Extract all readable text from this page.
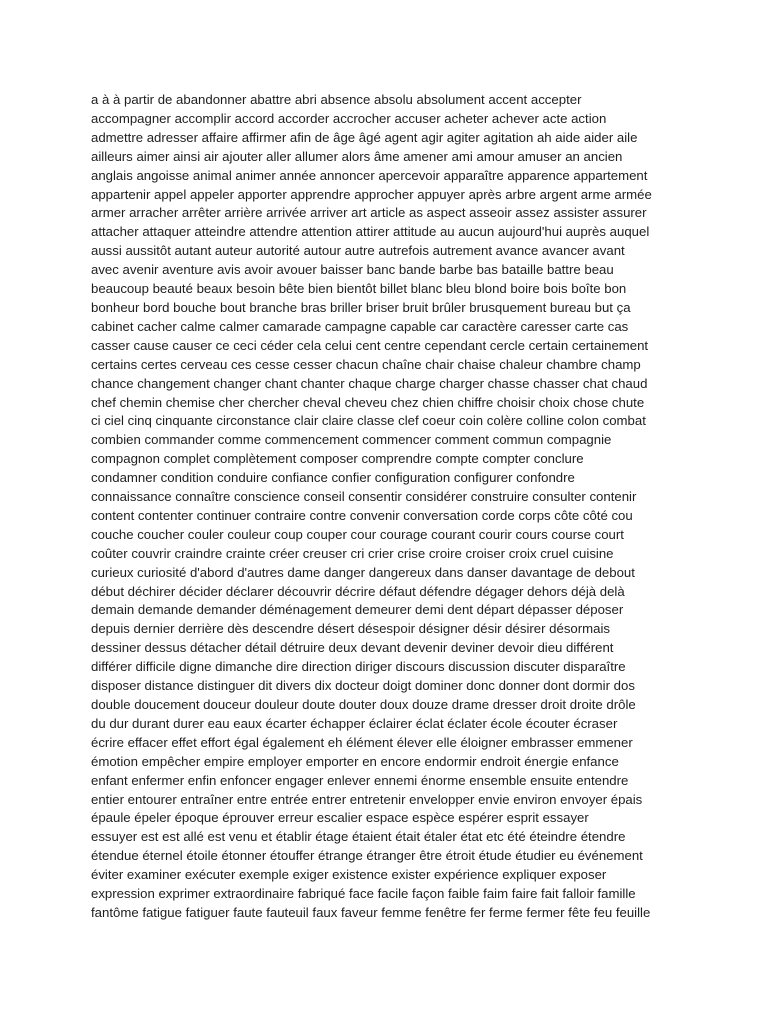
a à à partir de abandonner abattre abri absence absolu absolument accent accepter
accompagner accomplir accord accorder accrocher accuser acheter achever acte action
admettre adresser affaire affirmer afin de âge âgé agent agir agiter agitation ah aide aider aile
ailleurs aimer ainsi air ajouter aller allumer alors âme amener ami amour amuser an ancien
anglais angoisse animal animer année annoncer apercevoir apparaître apparence appartement
appartenir appel appeler apporter apprendre approcher appuyer après arbre argent arme armée
armer arracher arrêter arrière arrivée arriver art article as aspect asseoir assez assister assurer
attacher attaquer atteindre attendre attention attirer attitude au aucun aujourd'hui auprès auquel
aussi aussitôt autant auteur autorité autour autre autrefois autrement avance avancer avant
avec avenir aventure avis avoir avouer baisser banc bande barbe bas bataille battre beau
beaucoup beauté beaux besoin bête bien bientôt billet blanc bleu blond boire bois boîte bon
bonheur bord bouche bout branche bras briller briser bruit brûler brusquement bureau but ça
cabinet cacher calme calmer camarade campagne capable car caractère caresser carte cas
casser cause causer ce ceci céder cela celui cent centre cependant cercle certain certainement
certains certes cerveau ces cesse cesser chacun chaîne chair chaise chaleur chambre champ
chance changement changer chant chanter chaque charge charger chasse chasser chat chaud
chef chemin chemise cher chercher cheval cheveu chez chien chiffre choisir choix chose chute
ci ciel cinq cinquante circonstance clair claire classe clef coeur coin colère colline colon combat
combien commander comme commencement commencer comment commun compagnie
compagnon complet complètement composer comprendre compte compter conclure
condamner condition conduire confiance confier configuration configurer confondre
connaissance connaître conscience conseil consentir considérer construire consulter contenir
content contenter continuer contraire contre convenir conversation corde corps côte côté cou
couche coucher couler couleur coup couper cour courage courant courir cours course court
coûter couvrir craindre crainte créer creuser cri crier crise croire croiser croix cruel cuisine
curieux curiosité d'abord d'autres dame danger dangereux dans danser davantage de debout
début déchirer décider déclarer découvrir décrire défaut défendre dégager dehors déjà delà
demain demande demander déménagement demeurer demi dent départ dépasser déposer
depuis dernier derrière dès descendre désert désespoir désigner désir désirer désormais
dessiner dessus détacher détail détruire deux devant devenir deviner devoir dieu différent
différer difficile digne dimanche dire direction diriger discours discussion discuter disparaître
disposer distance distinguer dit divers dix docteur doigt dominer donc donner dont dormir dos
double doucement douceur douleur doute douter doux douze drame dresser droit droite drôle
du dur durant durer eau eaux écarter échapper éclairer éclat éclater école écouter écraser
écrire effacer effet effort égal également eh élément élever elle éloigner embrasser emmener
émotion empêcher empire employer emporter en encore endormir endroit énergie enfance
enfant enfermer enfin enfoncer engager enlever ennemi énorme ensemble ensuite entendre
entier entourer entraîner entre entrée entrer entretenir envelopper envie environ envoyer épais
épaule épeler époque éprouver erreur escalier espace espèce espérer esprit essayer
essuyer est est allé est venu et établir étage étaient était étaler état etc été éteindre étendre
étendue éternel étoile étonner étouffer étrange étranger être étroit étude étudier eu événement
éviter examiner exécuter exemple exiger existence exister expérience expliquer exposer
expression exprimer extraordinaire fabriqué face facile façon faible faim faire fait falloir famille
fantôme fatigue fatiguer faute fauteuil faux faveur femme fenêtre fer ferme fermer fête feu feuille
